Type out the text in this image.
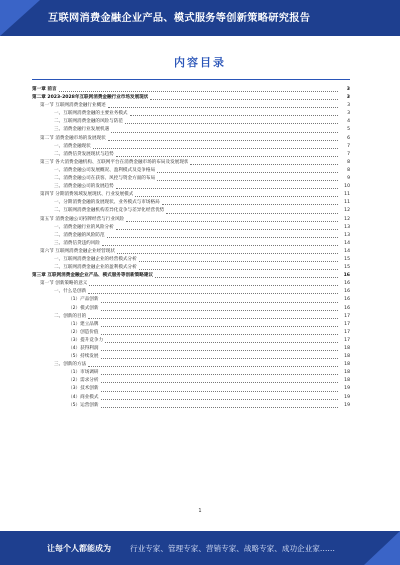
互联网消费金融企业产品、模式服务等创新策略研究报告
内容目录
第一章 前言	3
第二章 2023-2028年互联网消费金融行业市场发展现状	3
第一节 互联网消费金融行业概述	3
一、互联网消费金融的主要业务模式	3
二、互联网消费金融的风险与防范	4
三、消费金融行业发展机遇	5
第二节 消费金融市场的发展现状	6
一、消费金融现状	7
二、消费信贷发展现状与趋势	7
第三节 各大消费金融机构、互联网平台在消费金融市场的布局及发展现状	8
一、消费金融公司发展概况、盈利模式及竞争格局	8
二、消费金融公司在获客、风控与资金方面的布局	9
三、消费金融公司的发展趋势	10
第四节 分期消费领域发展现状、行业发展模式	11
一、分期消费金融的发展现状、业务模式与市场格局	11
二、互联网消费金融机构差异化竞争与差异化经营优势	12
第五节 消费金融公司持牌经营与行业风险	12
一、消费金融行业的风险分析	13
二、消费金融的风险防范	13
三、消费信贷违约风险	14
第六节 互联网消费金融企业经营现状	14
一、互联网消费金融企业的经营模式分析	15
二、互联网消费金融企业的盈利模式分析	15
第三章 互联网消费金融企业产品、模式服务等创新策略建议	16
第一节 创新策略的意义	16
一、什么是创新	16
（1）产品创新	16
（2）模式创新	16
二、创新的目的	17
（1）建立品牌	17
（2）创造价值	17
（3）提升竞争力	17
（4）获得利润	18
（5）持续发展	18
三、创新的方法	18
（1）市场调研	18
（2）需求分析	18
（3）技术创新	19
（4）商业模式	19
（5）运营创新	19
1
让每个人都能成为	行业专家、管理专家、营销专家、战略专家、成功企业家……
